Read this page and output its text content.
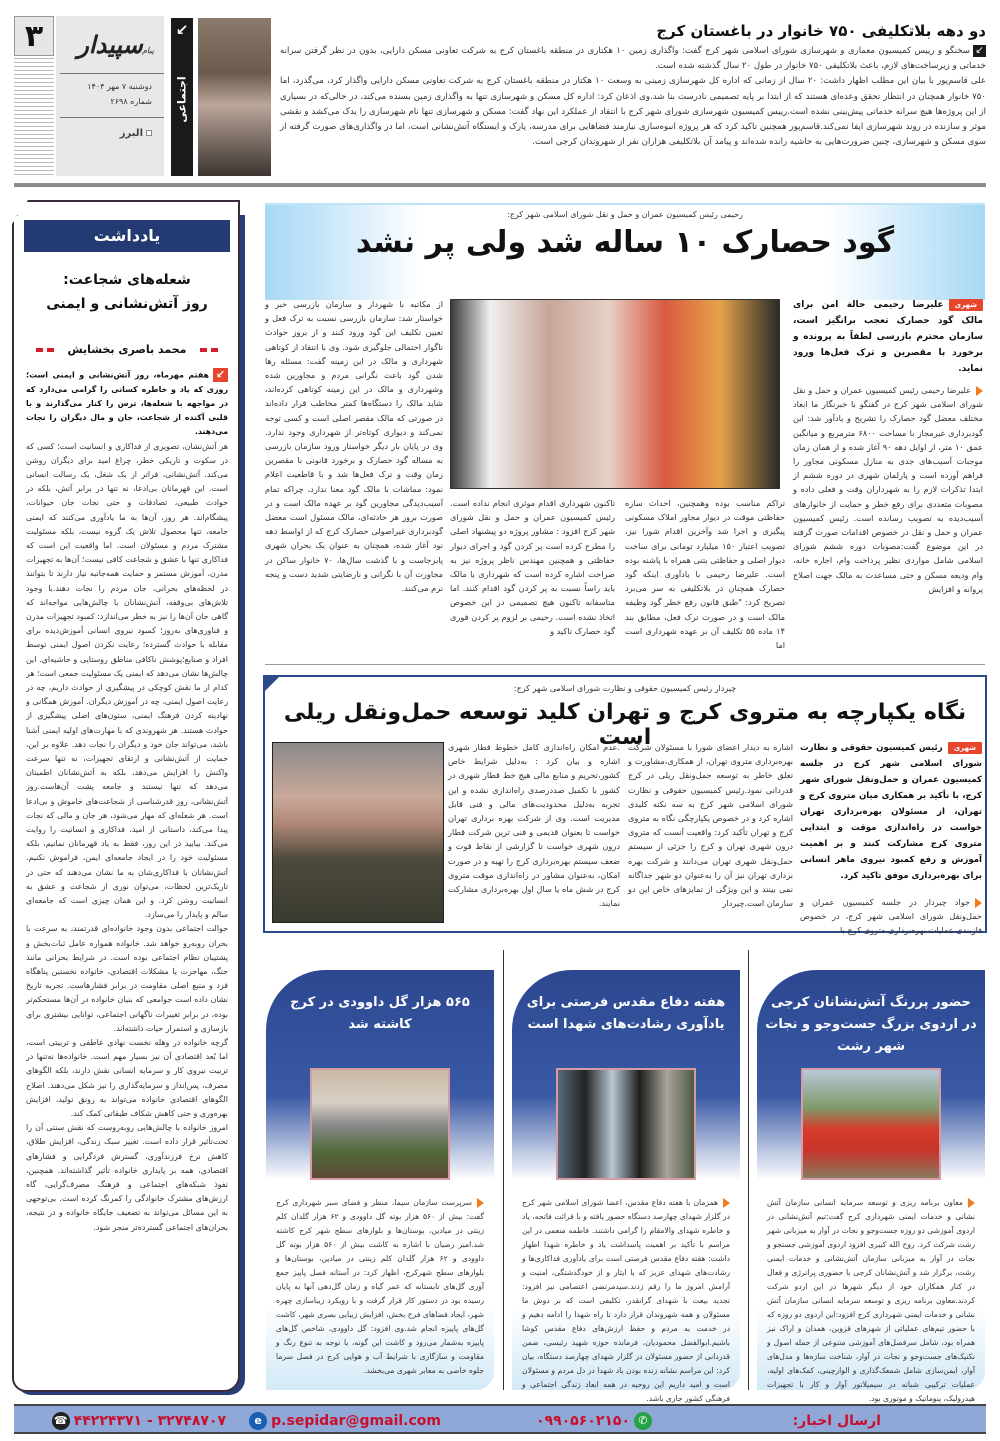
۳	پیام
سپیدار
دوشنبه ۷ مهر ۱۴۰۴
شماره ۲۶۹۸
البرز
↙
اجتماعی
دو دهه بلاتکلیفی ۷۵۰ خانوار در باغستان کرج

↙سخنگو و رییس کمیسیون معماری و شهرسازی شورای اسلامی شهر کرج گفت: واگذاری زمین ۱۰ هکتاری در منطقه باغستان کرج به شرکت تعاونی مسکن دارایی، بدون در نظر گرفتن سرانه خدماتی و زیرساخت‌های لازم، باعث بلاتکلیفی ۷۵۰ خانوار در طول ۲۰ سال گذشته شده است.

علی قاسم‌پور با بیان این مطلب اظهار داشت: ۲۰ سال از زمانی که اداره کل شهرسازی زمینی به وسعت ۱۰ هکتار در منطقه باغستان کرج به شرکت تعاونی مسکن دارایی واگذار کرد، می‌گذرد، اما ۷۵۰ خانوار همچنان در انتظار تحقق وعده‌ای هستند که از ابتدا بر پایه تصمیمی نادرست بنا شد.وی اذعان کرد: اداره کل مسکن و شهرسازی تنها به واگذاری زمین بسنده می‌کند، در حالی‌که در بسیاری از این پروژه‌ها هیچ سرانه خدماتی پیش‌بینی نشده است.رییس کمیسیون شهرسازی شورای شهر کرج با انتقاد از عملکرد این نهاد گفت: مسکن و شهرسازی تنها نام شهرسازی را یدک می‌کشد و نقشی موثر و سازنده در روند شهرسازی ایفا نمی‌کند.قاسم‌پور همچنین تاکید کرد که هر پروژه انبوه‌سازی نیازمند فضاهایی برای مدرسه، پارک و ایستگاه آتش‌نشانی است، اما در واگذاری‌های صورت گرفته از سوی مسکن و شهرسازی، چنین ضرورت‌هایی به حاشیه رانده شده‌اند و پیامد آن بلاتکلیفی هزاران نفر از شهروندان کرجی است.

یادداشت
شعله‌های شجاعت:
روز آتش‌نشانی و ایمنی
محمد باصری بخشایش

↙هفتم مهرماه، روز آتش‌نشانی و ایمنی است؛ روزی که یاد و خاطره کسانی را گرامی می‌دارد که در مواجهه با شعله‌ها، ترس را کنار می‌گذارند و با قلبی آکنده از شجاعت، جان و مال دیگران را نجات می‌دهند.

هر آتش‌نشان، تصویری از فداکاری و انسانیت است؛ کسی که در سکوت و تاریکی خطر، چراغ امید برای دیگران روشن می‌کند. آتش‌نشانی، فراتر از یک شغل، یک رسالت انسانی است. این قهرمانان بی‌ادعا، نه تنها در برابر آتش، بلکه در حوادث طبیعی، تصادفات و حتی نجات جان حیوانات، پیشگام‌اند. هر روز، آن‌ها به ما یادآوری می‌کنند که ایمنی جامعه، تنها محصول تلاش یک گروه نیست، بلکه مسئولیت مشترک مردم و مسئولان است. اما واقعیت این است که فداکاری تنها با عشق و شجاعت کافی نیست؛ آن‌ها به تجهیزات مدرن، آموزش مستمر و حمایت همه‌جانبه نیاز دارند تا بتوانند در لحظه‌های بحرانی، جان مردم را نجات دهند.با وجود تلاش‌های بی‌وقفه، آتش‌نشانان با چالش‌هایی مواجه‌اند که گاهی جان آن‌ها را نیز به خطر می‌اندازد: کمبود تجهیزات مدرن و فناوری‌های به‌روز؛ کمبود نیروی انسانی آموزش‌دیده برای مقابله با حوادث گسترده؛ رعایت نکردن اصول ایمنی توسط افراد و صنایع؛پوشش ناکافی مناطق روستایی و حاشیه‌ای. این چالش‌ها نشان می‌دهد که ایمنی یک مسئولیت جمعی است؛ هر کدام از ما نقش کوچکی در پیشگیری از حوادث داریم، چه در رعایت اصول ایمنی، چه در آموزش دیگران. آموزش همگانی و نهادینه کردن فرهنگ ایمنی، ستون‌های اصلی پیشگیری از حوادث هستند. هر شهروندی که با مهارت‌های اولیه ایمنی آشنا باشد، می‌تواند جان خود و دیگران را نجات دهد. علاوه بر این، حمایت از آتش‌نشانی و ارتقای تجهیزات، نه تنها سرعت واکنش را افزایش می‌دهد، بلکه به آتش‌نشانان اطمینان می‌دهد که تنها نیستند و جامعه پشت آن‌هاست.روز آتش‌نشانی، روز قدرشناسی از شجاعت‌های خاموش و بی‌ادعا است. هر شعله‌ای که مهار می‌شود، هر جان و مالی که نجات پیدا می‌کند، داستانی از امید، فداکاری و انسانیت را روایت می‌کند. بیایید در این روز، فقط به یاد قهرمانان نمانیم، بلکه مسئولیت خود را در ایجاد جامعه‌ای ایمن، فراموش نکنیم. آتش‌نشانان با فداکاری‌شان به ما نشان می‌دهند که حتی در تاریک‌ترین لحظات، می‌توان نوری از شجاعت و عشق به انسانیت روشن کرد. و این همان چیزی است که جامعه‌ای سالم و پایدار را می‌سازد.

حوالت اجتماعی بدون وجود خانواده‌ای قدرتمند، به سرعت با بحران روبه‌رو خواهد شد. خانواده همواره عامل ثبات‌بخش و پشتیبان نظام اجتماعی بوده است. در شرایط بحرانی مانند جنگ، مهاجرت یا مشکلات اقتصادی، خانواده نخستین پناهگاه فرد و منبع اصلی مقاومت در برابر فشارهاست. تجربه تاریخ نشان داده است جوامعی که بنیان خانواده در آن‌ها مستحکم‌تر بوده، در برابر تغییرات ناگهانی اجتماعی، توانایی بیشتری برای بازسازی و استمرار حیات داشته‌اند.

گرچه خانواده در وهله نخست نهادی عاطفی و تربیتی است، اما بُعد اقتصادی آن نیز بسیار مهم است. خانواده‌ها نه‌تنها در تربیت نیروی کار و سرمایه انسانی نقش دارند، بلکه الگوهای مصرف، پس‌انداز و سرمایه‌گذاری را نیز شکل می‌دهند. اصلاح الگوهای اقتصادی خانواده می‌تواند به رونق تولید، افزایش بهره‌وری و حتی کاهش شکاف طبقاتی کمک کند.

امروز خانواده با چالش‌هایی روبه‌روست که نقش سنتی آن را تحت‌تأثیر قرار داده است. تغییر سبک زندگی، افزایش طلاق، کاهش نرخ فرزندآوری، گسترش فردگرایی و فشارهای اقتصادی، همه بر پایداری خانواده تأثیر گذاشته‌اند. همچنین، نفوذ شبکه‌های اجتماعی و فرهنگ مصرف‌گرایی، گاه ارزش‌های مشترک خانوادگی را کمرنگ کرده است. بی‌توجهی به این مسائل می‌تواند به تضعیف جایگاه خانواده و در نتیجه، بحران‌های اجتماعی گسترده‌تر منجر شود.

رحیمی رئیس کمیسیون عمران و حمل و نقل شورای اسلامی شهر کرج:
گود حصارک ۱۰ ساله شد ولی پر نشد
شهریعلیرضا رحیمی حالة امن برای مالک گود حصارک تعجب برانگیز است، سازمان محترم بازرسی لطفاً به پرونده و برخورد با مقصرین و ترک فعل‌ها ورود نماید.
علیرضا رحیمی رئیس کمیسیون عمران و حمل و نقل شورای اسلامی شهر کرج در گفتگو با خبرنگار ما ابعاد مختلف معضل گود حصارک را تشریح و یادآور شد: این گودبرداری غیرمجاز با مساحت ۶۸۰۰ مترمربع و میانگین عمق ۱۰ متر، از اوایل دهه ۹۰ آغاز شده و از همان زمان موجبات آسیب‌های جدی به منازل مسکونی مجاور را فراهم آورده است و پارلمان شهری در دوره ششم از ابتدا تذکرات لازم را به شهرداران وقت و فعلی داده و مصوبات متعددی برای رفع خطر و حمایت از خانوارهای آسیب‌دیده به تصویب رسانده است. رئیس کمیسیون عمران و حمل و نقل در خصوص اقدامات صورت گرفته در این موضوع گفت:مصوبات دوره ششم شورای اسلامی شامل مواردی نظیر پرداخت وام، اجاره خانه، وام ودیعه مسکن و حتی مساعدت به مالک جهت اصلاح پروانه و افزایش
تراکم مناسب بوده وهمچنین، احداث سازه حفاظتی موقت در دیوار مجاور املاک مسکونی پیگیری و اجرا شد وآخرین اقدام شورا نیز، تصویب اعتبار ۱۵۰ میلیارد تومانی برای ساخت دیوار اصلی و حفاظتی بتنی همراه با پاشنه بوده است. علیرضا رحیمی با یادآوری اینکه گود حصارک همچنان در بلاتکلیفی به سر می‌برد تصریح کرد: "طبق قانون رفع خطر گود وظیفه مالک است و در صورت ترک فعل، مطابق بند ۱۴ ماده ۵۵ تکلیف آن بر عهده شهرداری است اما
تاکنون شهرداری اقدام موثری انجام نداده است. رئیس کمیسیون عمران و حمل و نقل شورای شهر کرج افزود : مشاور پروژه دو پیشنهاد اصلی را مطرح کرده است پر کردن گود و اجرای دیوار حفاظتی و همچنین مهندس ناظر پروژه نیز به صراحت اشاره کرده است که شهرداری یا مالک باید راساً نسبت به پر کردن گود اقدام کنند. اما متاسفانه تاکنون هیچ تصمیمی در این خصوص اتخاذ نشده است. رحیمی بر لزوم پر کردن فوری گود حصارک تاکید و
از مکاتبه با شهردار و سازمان بازرسی خبر و خواستار شد: سازمان بازرسی نسبت به ترک فعل و تعیین تکلیف این گود ورود کنند و از بروز حوادث ناگوار احتمالی جلوگیری شود. وی با انتقاد از کوتاهی شهرداری و مالک در این زمینه گفت: مسئله رها شدن گود باعث نگرانی مردم و مجاورین شده وشهرداری و مالک در این زمینه کوتاهی کرده‌اند، شاید مالک را دستگاه‌ها کمتر مخاطب قرار داده‌اند در صورتی که مالک مقصر اصلی است و کسی توجه نمی‌کند و دیواری کوتاه‌تر از شهرداری وجود ندارد. وی در پایان بار دیگر خواستار ورود سازمان بازرسی به مساله گود حصارک و برخورد قانونی با مقصرین زمان وقت و ترک فعل‌ها شد و با قاطعیت اعلام نمود: مماشات با مالک گود معنا ندارد، چراکه تمام آسیب‌دیدگی مجاورین گود بر عهده مالک است و در صورت بروز هر حادثه‌ای، مالک مسئول است معضل گودبرداری غیراصولی حصارک کرج که از اواسط دهه نود آغاز شده، همچنان به عنوان یک بحران شهری پابرجاست و با گذشت سال‌ها، ۷۰ خانوار ساکن در مجاورت آن با نگرانی و نارضایتی شدید دست و پنجه نرم می‌کنند.
چیردار رئیس کمیسیون حقوقی و نظارت شورای اسلامی شهر کرج:
نگاه یکپارچه به متروی کرج و تهران کلید توسعه حمل‌ونقل ریلی است	شهریرئیس کمیسیون حقوقی و نظارت شورای اسلامی شهر کرج در جلسه کمیسیون عمران و حمل‌ونقل شورای شهر کرج، با تأکید بر همکاری میان متروی کرج و تهران، از مسئولان بهره‌برداری تهران خواست در راه‌اندازی موقت و ابتدایی متروی کرج مشارکت کنند و بر اهمیت آموزش و رفع کمبود نیروی ماهر انسانی برای بهره‌برداری موفق تاکید کرد.
جواد چیردار در جلسه کمیسیون عمران و حمل‌ونقل شورای اسلامی شهر کرج، در خصوص فازبندی عملیات بهره‌برداری متروی کرج با
اشاره به دیدار اعضای شورا با مسئولان شرکت بهره‌برداری متروی تهران، از همکاری،مشاورت و تعلق خاطر به توسعه حمل‌ونقل ریلی در کرج قدردانی نمود.رئیس کمیسیون حقوقی و نظارت شورای اسلامی شهر کرج به سه نکته کلیدی اشاره کرد و در خصوص یکپارچگی نگاه به متروی کرج و تهران تأکید کرد: واقعیت آنست که متروی درون شهری تهران و کرج را جزئی از سیستم حمل‌ونقل شهری تهران می‌دانند و شرکت بهره برداری تهران نیز آن را به‌عنوان دو شهر جداگانه نمی بینند و این ویژگی از تمایزهای خاص این دو سازمان است.چیردار
.عدم امکان راه‌اندازی کامل خطوط قطار شهری اشاره و بیان کرد : به‌دلیل شرایط خاص کشور،تحریم و منابع مالی هیچ خط قطار شهری در کشور با تکمیل صددرصدی راه‌اندازی نشده و این تجربه به‌دلیل محدودیت‌های مالی و فنی قابل مدیریت است. وی از شرکت بهره برداری تهران خواست تا بعنوان قدیمی و فنی ترین شرکت قطار درون شهری خواست تا گزارشی از نقاط قوت و ضعف سیستم بهره‌برداری کرج را تهیه و در صورت امکان، به‌عنوان مشاور در راه‌اندازی موقت متروی کرج در شش ماه یا سال اول بهره‌برداری مشارکت نمایند.
حضور پررنگ آتش‌نشانان کرجی در اردوی بزرگ جست‌وجو و نجات شهر رشت
معاون برنامه ریزی و توسعه سرمایه انسانی سازمان آتش نشانی و خدمات ایمنی شهرداری کرج گفت:تیم آتش‌نشانی در اردوی آموزشی دو روزه جست‌وجو و نجات در آوار به میزبانی شهر رشت شرکت کرد. روح الله کبیری افزود اردوی آموزشی جستجو و نجات در آوار به میزبانی سازمان آتش‌نشانی و خدمات ایمنی رشت، برگزار شد و آتش‌نشانان کرجی با حضوری پرانرژی و فعال در کنار همکاران خود از دیگر شهرها در این اردو شرکت کردند.معاون برنامه ریزی و توسعه سرمایه انسانی سازمان آتش نشانی و خدمات ایمنی شهرداری کرج افزود:این اردوی دو روزه که با حضور تیم‌های عملیاتی از شهرهای قزوین، همدان و اراک نیز همراه بود، شامل سرفصل‌های آموزشی متنوعی از جمله اصول و تکنیک‌های جست‌وجو و نجات در آوار، شناخت سازه‌ها و مدل‌های آوار، ایمن‌سازی شامل شمعک‌گذاری و الوارچینی، کمک‌های اولیه، عملیات ترکیبی شبانه در سیمیلاتور آوار و کار با تجهیزات هیدرولیک، پنوماتیک و موتوری بود.
هفته دفاع مقدس فرصتی برای یادآوری رشادت‌های شهدا است
همزمان با هفته دفاع مقدس، اعضا شورای اسلامی شهر کرج در گلزار شهدای چهارصد دستگاه حضور یافته و با قرائت فاتحه، یاد و خاطره شهدای والامقام را گرامی داشتند. فاطمه منعمی در این مراسم با تأکید بر اهمیت پاسداشت یاد و خاطره شهدا اظهار داشت: هفته دفاع مقدس فرصتی است برای یادآوری فداکاری‌ها و رشادت‌های شهدای عزیز که با ایثار و از خودگذشتگی، امنیت و آرامش امروز ما را رقم زدند.سیدمرتضی اعتصامی نیز افزود: تجدید بیعت با شهدای گرانقدر، تکلیفی است که بر دوش ما مسئولان و همه شهروندان قرار دارد تا راه شهدا را ادامه دهیم و در خدمت به مردم و حفظ ارزش‌های دفاع مقدس کوشا باشیم.ابوالفضل محمودیان، فرمانده حوزه شهید رئیسی، ضمن قدردانی از حضور مسئولان در گلزار شهدای چهارصد دستگاه، بیان کرد: این مراسم نشانه زنده بودن یاد شهدا در دل مردم و مسئولان است و امید داریم این روحیه در همه ابعاد زندگی اجتماعی و فرهنگی کشور جاری باشد.
۵۶۵ هزار گل داوودی در کرج کاشته شد
سرپرست سازمان سیما، منظر و فضای سبز شهرداری کرج گفت: بیش از ۵۶۰ هزار بوته گل داوودی و ۶۲ هزار گلدان کلم زینتی در میادین، بوستان‌ها و بلوارهای سطح شهر کرج کاشته شد.امیر رضیان با اشاره به کاشت بیش از ۵۶۰ هزار بوته گل داوودی و ۶۲ هزار گلدان کلم زینتی در میادین، بوستان‌ها و بلوارهای سطح شهرکرج، اظهار کرد: در آستانه فصل پاییز جمع آوری گل‌های تابستانه که عمر گیاه و زمان گل‌دهی آنها به پایان رسیده بود در دستور کار قرار گرفت و با رویکرد زیباسازی چهره شهر، ایجاد فضاهای فرح بخش، افزایش زیبایی بصری شهر، کاشت گل‌های پاییزه انجام شد.وی افزود: گل داوودی، شاخص گل‌های پاییزه به‌شمار می‌رود و کاشت این گونه، با توجه به تنوع رنگ و مقاومت و سازگاری با شرایط آب و هوایی کرج در فصل سرما جلوه خاصی به معابر شهری می‌بخشد.
ارسال اخبار:
✆۰۹۹۰۵۶۰۲۱۵۰
e p.sepidar@gmail.com
۳۲۷۴۸۷۰۷ - ۴۴۲۲۴۳۷۱☎
